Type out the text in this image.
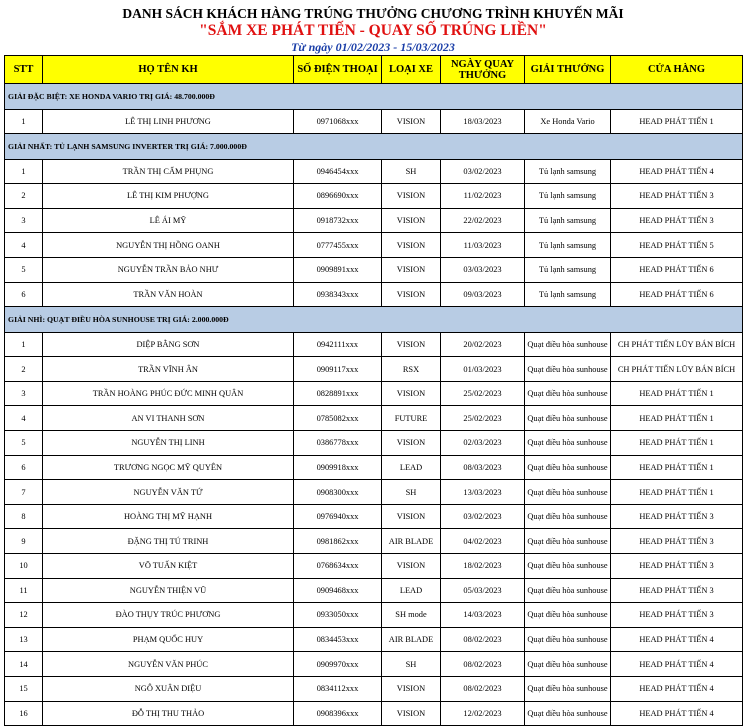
DANH SÁCH KHÁCH HÀNG TRÚNG THƯỞNG CHƯƠNG TRÌNH KHUYẾN MÃI
"SẮM XE PHÁT TIẾN - QUAY SỐ TRÚNG LIỀN"
Từ ngày 01/02/2023 - 15/03/2023
STT	HỌ TÊN KH	SỐ ĐIỆN THOẠI	LOẠI XE	NGÀY QUAY THƯỞNG	GIẢI THƯỞNG	CỬA HÀNG
GIẢI ĐẶC BIỆT: XE HONDA VARIO TRỊ GIÁ: 48.700.000Đ						
1	LÊ THỊ LINH PHƯƠNG	0971068xxx	VISION	18/03/2023	Xe Honda Vario	HEAD PHÁT TIẾN 1
GIẢI NHẤT: TỦ LẠNH SAMSUNG INVERTER TRỊ GIÁ: 7.000.000Đ						
1	TRẦN THỊ CẨM PHỤNG	0946454xxx	SH	03/02/2023	Tủ lạnh samsung	HEAD PHÁT TIẾN 4
2	LÊ THỊ KIM PHƯỢNG	0896690xxx	VISION	11/02/2023	Tủ lạnh samsung	HEAD PHÁT TIẾN 3
3	LÊ ÁI MỸ	0918732xxx	VISION	22/02/2023	Tủ lạnh samsung	HEAD PHÁT TIẾN 3
4	NGUYỄN THỊ HỒNG OANH	0777455xxx	VISION	11/03/2023	Tủ lạnh samsung	HEAD PHÁT TIẾN 5
5	NGUYỄN TRẦN BẢO NHƯ	0909891xxx	VISION	03/03/2023	Tủ lạnh samsung	HEAD PHÁT TIẾN 6
6	TRẦN VĂN HOÀN	0938343xxx	VISION	09/03/2023	Tủ lạnh samsung	HEAD PHÁT TIẾN 6
GIẢI NHÌ: QUẠT ĐIỀU HÒA SUNHOUSE TRỊ GIÁ: 2.000.000Đ						
1	DIỆP BẰNG SƠN	0942111xxx	VISION	20/02/2023	Quạt điều hòa sunhouse	CH PHÁT TIẾN LŨY BÁN BÍCH
2	TRẦN VĨNH ÂN	0909117xxx	RSX	01/03/2023	Quạt điều hòa sunhouse	CH PHÁT TIẾN LŨY BÁN BÍCH
3	TRẦN HOÀNG PHÚC ĐỨC MINH QUÂN	0828891xxx	VISION	25/02/2023	Quạt điều hòa sunhouse	HEAD PHÁT TIẾN 1
4	AN VI THANH SƠN	0785082xxx	FUTURE	25/02/2023	Quạt điều hòa sunhouse	HEAD PHÁT TIẾN 1
5	NGUYỄN THỊ LINH	0386778xxx	VISION	02/03/2023	Quạt điều hòa sunhouse	HEAD PHÁT TIẾN 1
6	TRƯƠNG NGỌC MỸ QUYÊN	0909918xxx	LEAD	08/03/2023	Quạt điều hòa sunhouse	HEAD PHÁT TIẾN 1
7	NGUYỄN VĂN TỨ	0908300xxx	SH	13/03/2023	Quạt điều hòa sunhouse	HEAD PHÁT TIẾN 1
8	HOÀNG THỊ MỸ HẠNH	0976940xxx	VISION	03/02/2023	Quạt điều hòa sunhouse	HEAD PHÁT TIẾN 3
9	ĐẶNG THỊ TÚ TRINH	0981862xxx	AIR BLADE	04/02/2023	Quạt điều hòa sunhouse	HEAD PHÁT TIẾN 3
10	VÕ TUẤN KIỆT	0768634xxx	VISION	18/02/2023	Quạt điều hòa sunhouse	HEAD PHÁT TIẾN 3
11	NGUYỄN THIỆN VŨ	0909468xxx	LEAD	05/03/2023	Quạt điều hòa sunhouse	HEAD PHÁT TIẾN 3
12	ĐÀO THỤY TRÚC PHƯƠNG	0933050xxx	SH mode	14/03/2023	Quạt điều hòa sunhouse	HEAD PHÁT TIẾN 3
13	PHẠM QUỐC HUY	0834453xxx	AIR BLADE	08/02/2023	Quạt điều hòa sunhouse	HEAD PHÁT TIẾN 4
14	NGUYỄN VĂN PHÚC	0909970xxx	SH	08/02/2023	Quạt điều hòa sunhouse	HEAD PHÁT TIẾN 4
15	NGÔ XUÂN DIỆU	0834112xxx	VISION	08/02/2023	Quạt điều hòa sunhouse	HEAD PHÁT TIẾN 4
16	ĐỖ THỊ THU THẢO	0908396xxx	VISION	12/02/2023	Quạt điều hòa sunhouse	HEAD PHÁT TIẾN 4
